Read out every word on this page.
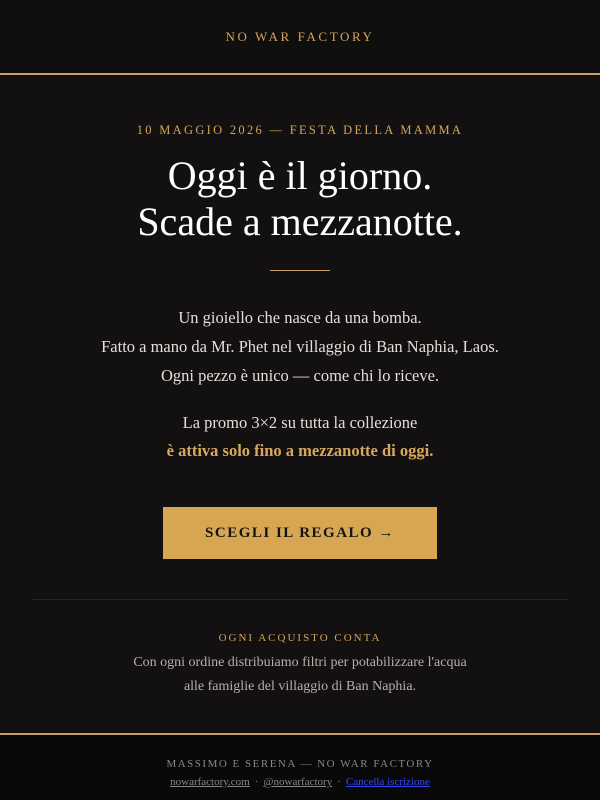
NO WAR FACTORY
10 MAGGIO 2026 — FESTA DELLA MAMMA
Oggi è il giorno.
Scade a mezzanotte.
Un gioiello che nasce da una bomba.
Fatto a mano da Mr. Phet nel villaggio di Ban Naphia, Laos.
Ogni pezzo è unico — come chi lo riceve.
La promo 3×2 su tutta la collezione
è attiva solo fino a mezzanotte di oggi.
SCEGLI IL REGALO →
OGNI ACQUISTO CONTA
Con ogni ordine distribuiamo filtri per potabilizzare l'acqua
alle famiglie del villaggio di Ban Naphia.
MASSIMO E SERENA — NO WAR FACTORY
nowarfactory.com · @nowarfactory · Cancella iscrizione
